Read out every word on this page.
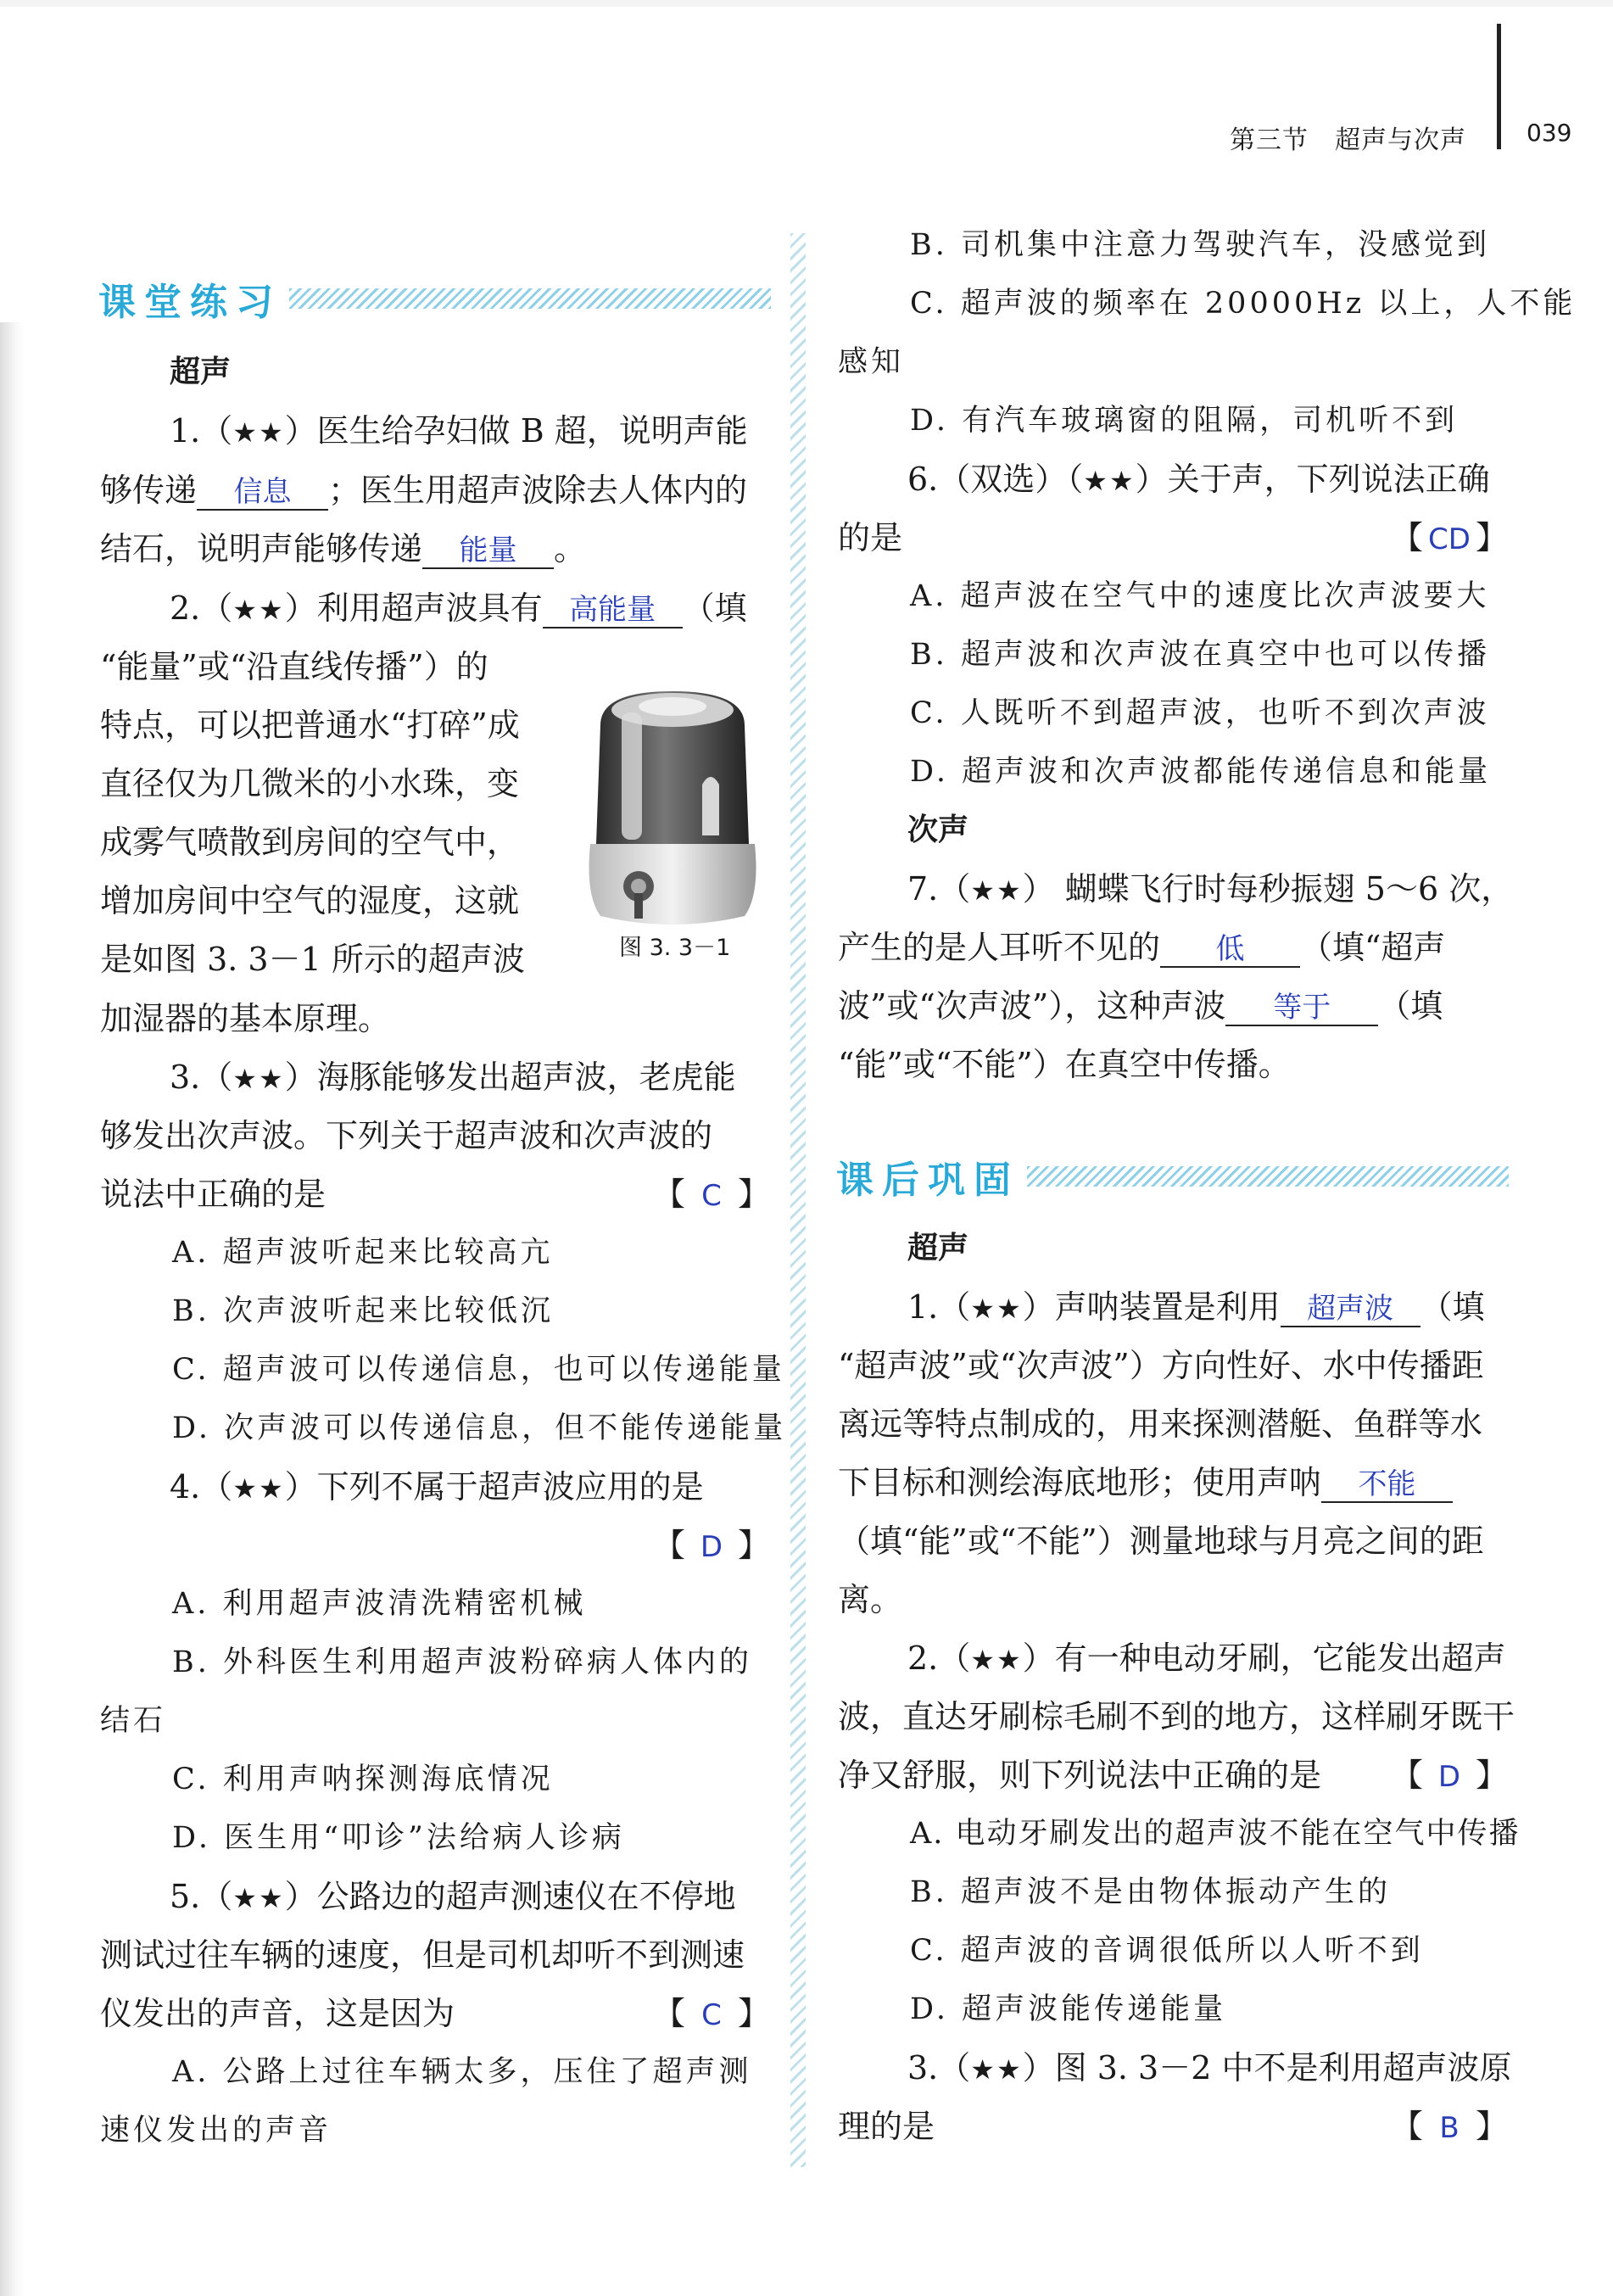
第三节　超声与次声	039
课堂练习
超声
1.（★★）医生给孕妇做 B 超，说明声能
够传递 信息 ；医生用超声波除去人体内的
结石，说明声能够传递 能量 。
2.（★★）利用超声波具有 高能量 （填
“能量”或“沿直线传播”）的
特点，可以把普通水“打碎”成
直径仅为几微米的小水珠，变
成雾气喷散到房间的空气中，
增加房间中空气的湿度，这就
是如图 3. 3－1 所示的超声波
加湿器的基本原理。
图 3. 3－1
3.（★★）海豚能够发出超声波，老虎能
够发出次声波。下列关于超声波和次声波的
说法中正确的是	【 C 】
A. 超声波听起来比较高亢
B. 次声波听起来比较低沉
C. 超声波可以传递信息，也可以传递能量
D. 次声波可以传递信息，但不能传递能量
4.（★★）下列不属于超声波应用的是
【 D 】
A. 利用超声波清洗精密机械
B. 外科医生利用超声波粉碎病人体内的
结石
C. 利用声呐探测海底情况
D. 医生用“叩诊”法给病人诊病
5.（★★）公路边的超声测速仪在不停地
测试过往车辆的速度，但是司机却听不到测速
仪发出的声音，这是因为	【 C 】
A. 公路上过往车辆太多，压住了超声测
速仪发出的声音
B. 司机集中注意力驾驶汽车，没感觉到
C. 超声波的频率在 20000Hz 以上，人不能
感知
D. 有汽车玻璃窗的阻隔，司机听不到
6.（双选）（★★）关于声，下列说法正确
的是	【 CD 】
A. 超声波在空气中的速度比次声波要大
B. 超声波和次声波在真空中也可以传播
C. 人既听不到超声波，也听不到次声波
D. 超声波和次声波都能传递信息和能量
次声
7.（★★） 蝴蝶飞行时每秒振翅 5～6 次，
产生的是人耳听不见的 低 （填“超声
波”或“次声波”），这种声波 等于 （填
“能”或“不能”）在真空中传播。
课后巩固
超声
1.（★★）声呐装置是利用 超声波 （填
“超声波”或“次声波”）方向性好、水中传播距
离远等特点制成的，用来探测潜艇、鱼群等水
下目标和测绘海底地形；使用声呐 不能
（填“能”或“不能”）测量地球与月亮之间的距
离。
2.（★★）有一种电动牙刷，它能发出超声
波，直达牙刷棕毛刷不到的地方，这样刷牙既干
净又舒服，则下列说法中正确的是 【 D 】
A. 电动牙刷发出的超声波不能在空气中传播
B. 超声波不是由物体振动产生的
C. 超声波的音调很低所以人听不到
D. 超声波能传递能量
3.（★★）图 3. 3－2 中不是利用超声波原
理的是	【 B 】
